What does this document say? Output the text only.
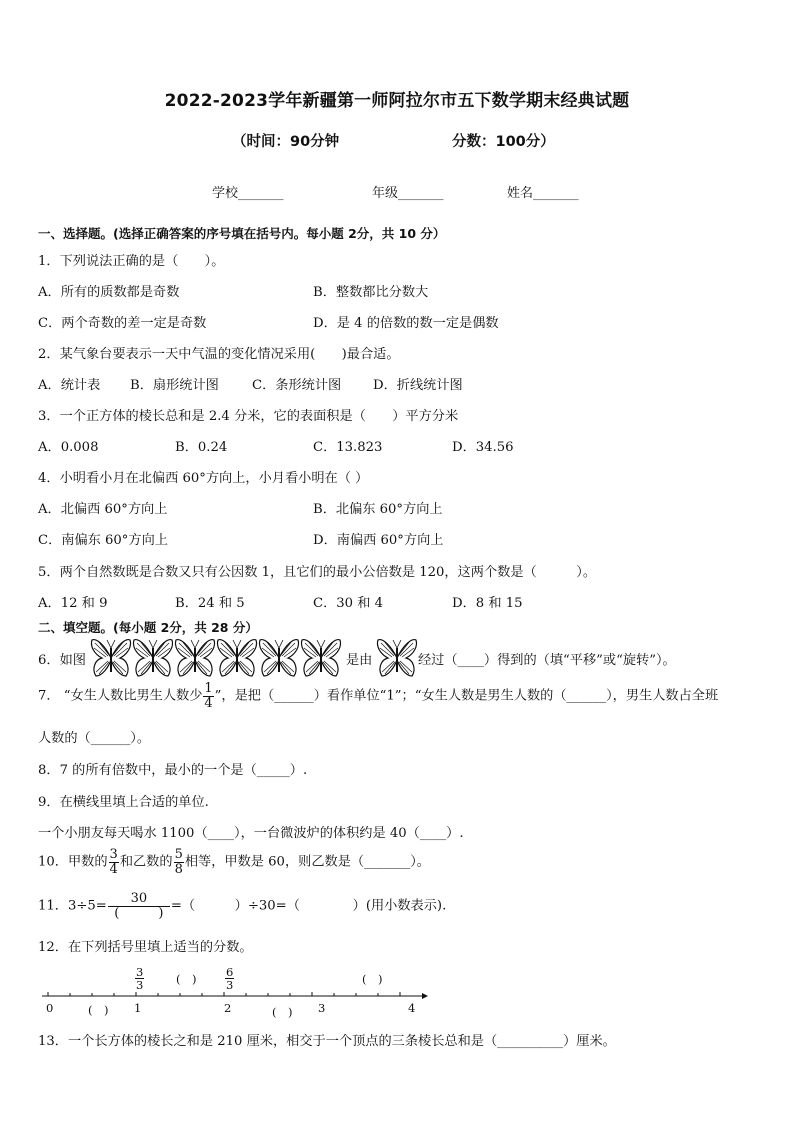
2022-2023学年新疆第一师阿拉尔市五下数学期末经典试题
（时间：90分钟	分数：100分）
学校_______	年级_______	姓名_______
一、选择题。(选择正确答案的序号填在括号内。每小题 2分，共 10 分）
1．下列说法正确的是（　　）。
A．所有的质数都是奇数	B．整数都比分数大
C．两个奇数的差一定是奇数	D．是 4 的倍数的数一定是偶数
2．某气象台要表示一天中气温的变化情况采用(　　)最合适。
A．统计表 B．扇形统计图	C．条形统计图 D．折线统计图
3．一个正方体的棱长总和是 2.4 分米，它的表面积是（　　）平方分米
A．0.008	B．0.24	C．13.823	D．34.56
4．小明看小月在北偏西 60°方向上，小月看小明在（ ）
A．北偏西 60°方向上	B．北偏东 60°方向上
C．南偏东 60°方向上	D．南偏西 60°方向上
5．两个自然数既是合数又只有公因数 1，且它们的最小公倍数是 120，这两个数是（　　　）。
A．12 和 9	B．24 和 5	C．30 和 4	D．8 和 15
二、填空题。(每小题 2分，共 28 分）
6．如图	是由	经过（____）得到的（填“平移”或“旋转”）。
7． “女生人数比男生人数少 $\frac{1}{4}$ ”，是把（______）看作单位“1”；“女生人数是男生人数的（______），男生人数占全班
人数的（______）。
8．7 的所有倍数中，最小的一个是（_____）.
9．在横线里填上合适的单位.
一个小朋友每天喝水 1100（____），一台微波炉的体积约是 40（____）.
10．甲数的 $\frac{3}{4}$ 和乙数的 $\frac{5}{8}$ 相等，甲数是 60，则乙数是（_______）。
11．$3\div 5= \frac{30}{( )}$ =（　　　）÷30=（　　　　）(用小数表示).
12．在下列括号里填上适当的分数。
0	1	2	3	4
$\frac{3}{3}$	$\frac{6}{3}$
(　)	(　)
(　)	(　)
13．一个长方体的棱长之和是 210 厘米，相交于一个顶点的三条棱长总和是（__________）厘米。
